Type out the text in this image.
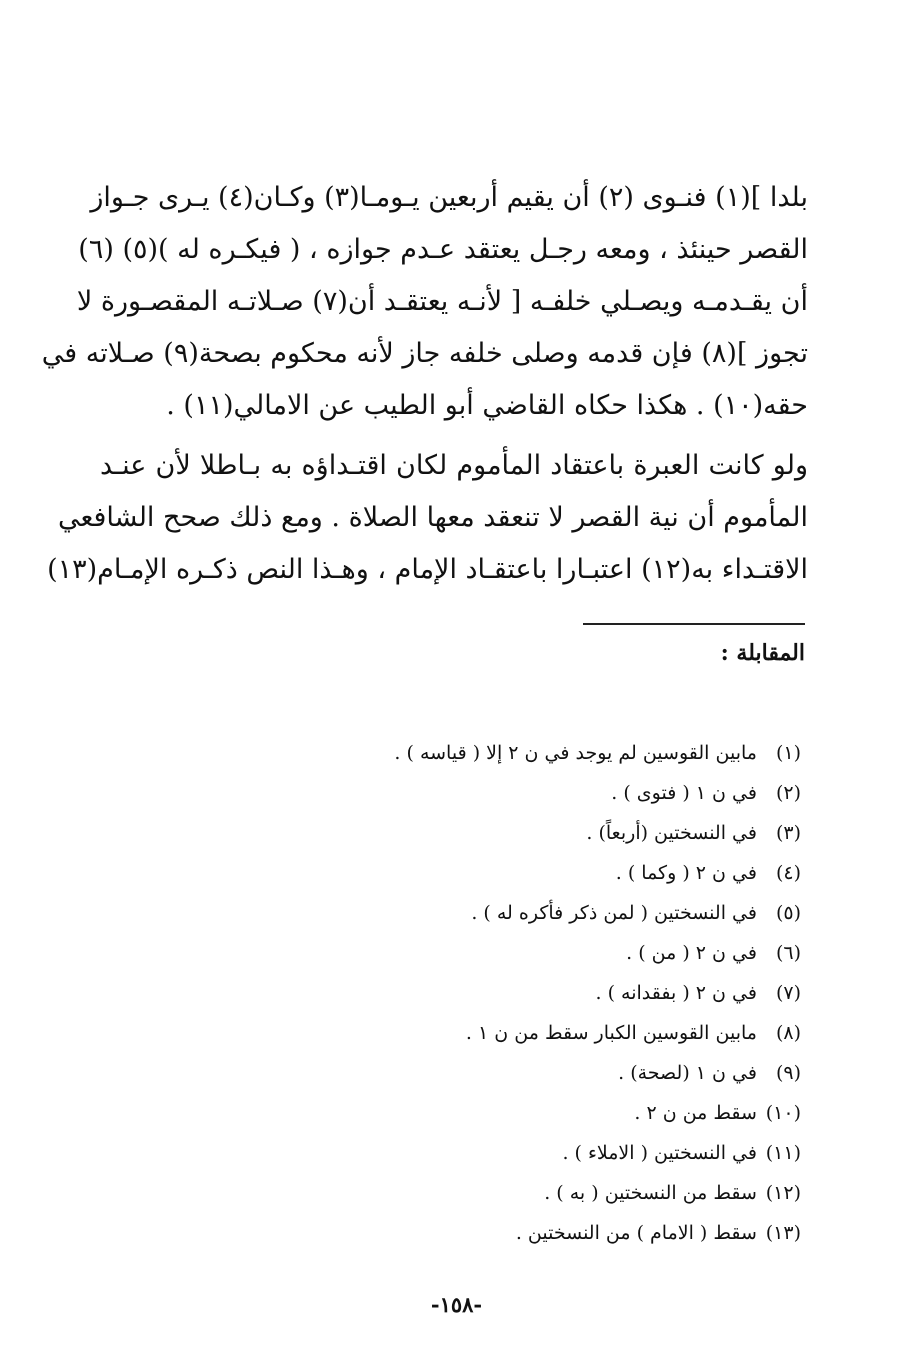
بلدا ](١) فنـوى (٢) أن يقيم أربعين يـومـا(٣) وكـان(٤) يـرى جـواز
القصر حينئذ ، ومعه رجـل يعتقد عـدم جوازه ، ( فيكـره له )(٥) (٦)
أن يقـدمـه ويصـلي خلفـه [ لأنـه يعتقـد أن(٧) صـلاتـه المقصـورة لا
تجوز ](٨) فإن قدمه وصلى خلفه جاز لأنه محكوم بصحة(٩) صـلاته في
حقه(١٠) . هكذا حكاه القاضي أبو الطيب عن الامالي(١١) .
ولو كانت العبرة باعتقاد المأموم لكان اقتـداؤه به بـاطلا لأن عنـد
المأموم أن نية القصر لا تنعقد معها الصلاة . ومع ذلك صحح الشافعي
الاقتـداء به(١٢) اعتبـارا باعتقـاد الإمام ، وهـذا النص ذكـره الإمـام(١٣)
المقابلة :
(١) مابين القوسين لم يوجد في ن ٢ إلا ( قياسه ) .
(٢) في ن ١ ( فتوى ) .
(٣) في النسختين (أربعاً) .
(٤) في ن ٢ ( وكما ) .
(٥) في النسختين ( لمن ذكر فأكره له ) .
(٦) في ن ٢ ( من ) .
(٧) في ن ٢ ( بفقدانه ) .
(٨) مابين القوسين الكبار سقط من ن ١ .
(٩) في ن ١ (لصحة) .
(١٠) سقط من ن ٢ .
(١١) في النسختين ( الاملاء ) .
(١٢) سقط من النسختين ( به ) .
(١٣) سقط ( الامام ) من النسختين .
-١٥٨-
